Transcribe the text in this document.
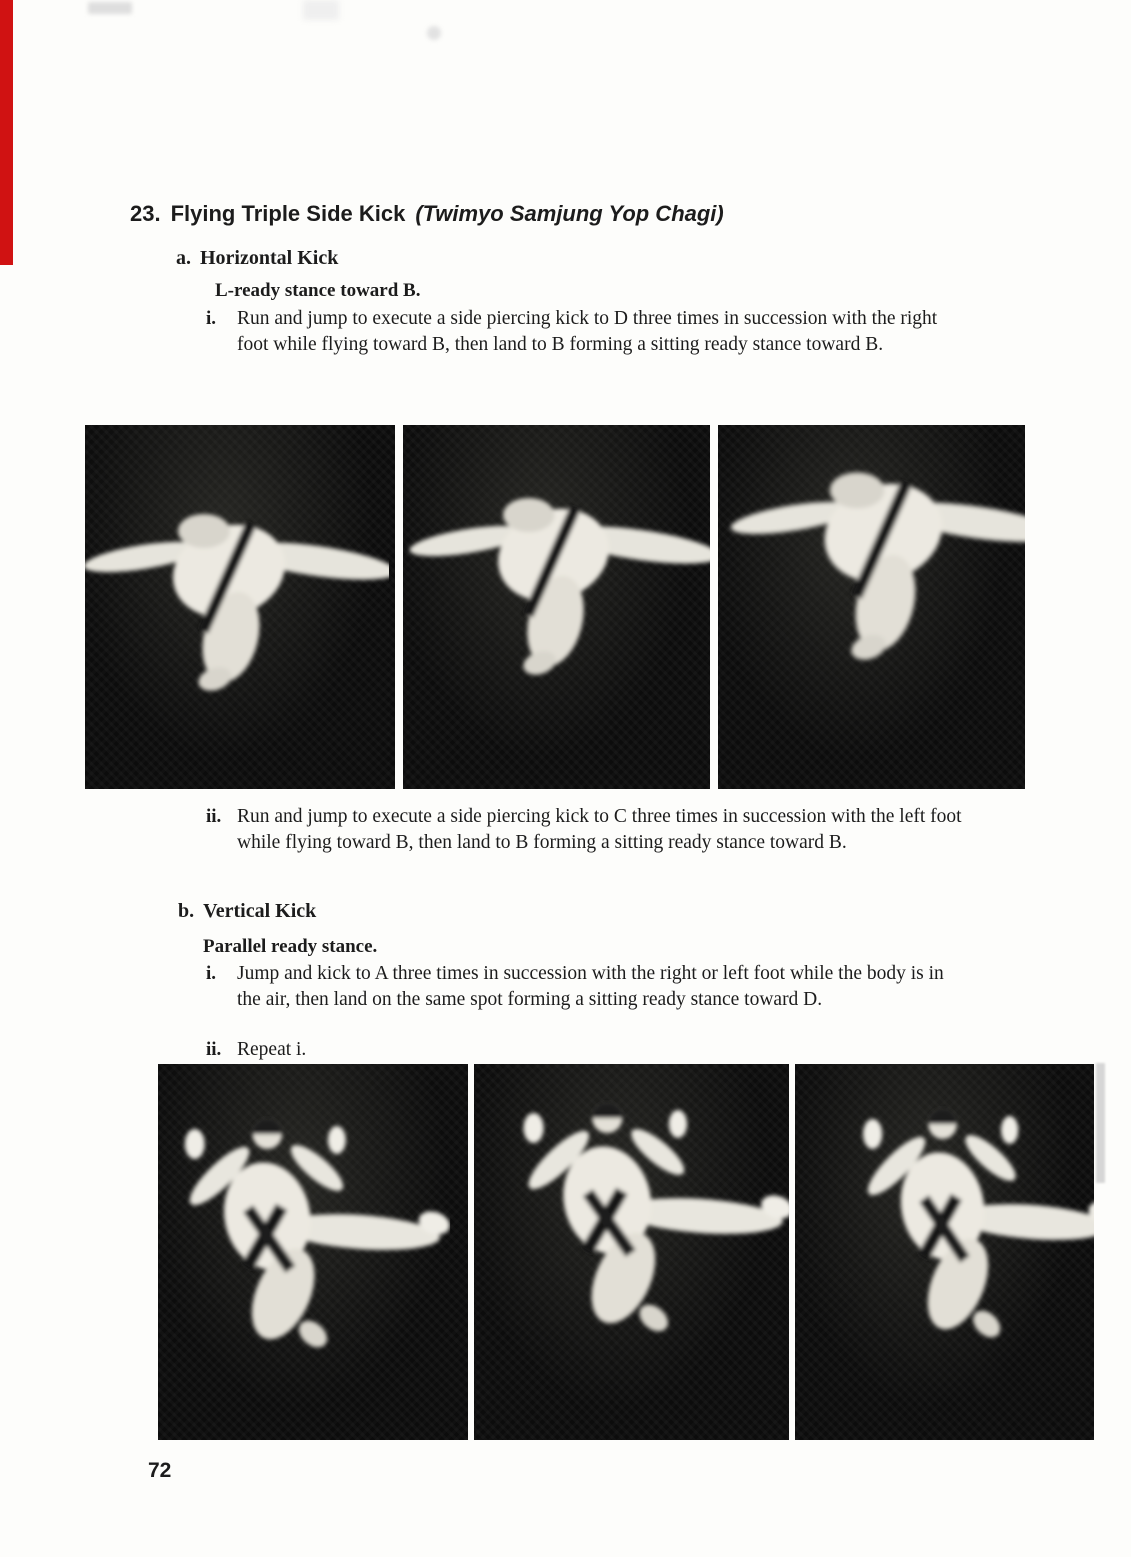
23. Flying Triple Side Kick (Twimyo Samjung Yop Chagi)
a. Horizontal Kick
L-ready stance toward B.
i.	Run and jump to execute a side piercing kick to D three times in succession with the right foot while flying toward B, then land to B forming a sitting ready stance toward B.
ii. Run and jump to execute a side piercing kick to C three times in succession with the left foot while flying toward B, then land to B forming a sitting ready stance toward B.
b. Vertical Kick
Parallel ready stance.
i.	Jump and kick to A three times in succession with the right or left foot while the body is in the air, then land on the same spot forming a sitting ready stance toward D.
ii. Repeat i.
72
